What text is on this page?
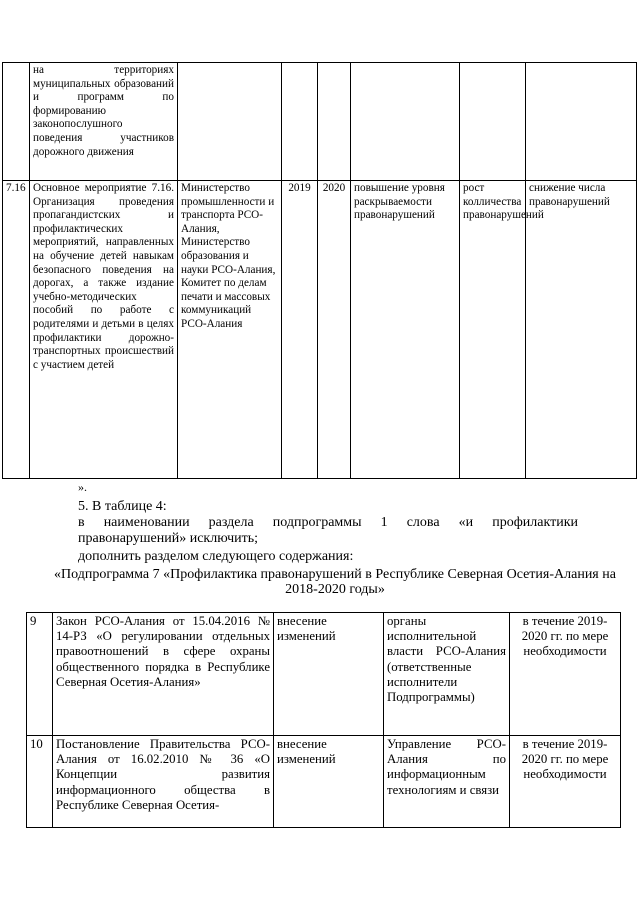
	на территориях муниципальных образований и программ по формированию законопослушного поведения участников дорожного движения						
7.16	Основное мероприятие 7.16. Организация проведения пропагандистских и профилактических мероприятий, направленных на обучение детей навыкам безопасного поведения на дорогах, а также издание учебно-методических пособий по работе с родителями и детьми в целях профилактики дорожно-транспортных происшествий с участием детей	Министерство промышленности и транспорта РСО-Алания, Министерство образования и науки РСО-Алания, Комитет по делам печати и массовых коммуникаций РСО-Алания	2019	2020	повышение уровня раскрываемости правонарушений	рост колличества правонарушений	снижение числа правонарушений
».
5. В таблице 4:
в наименовании раздела подпрограммы 1 слова «и профилактики
правонарушений» исключить;
дополнить разделом следующего содержания:
«Подпрограмма 7 «Профилактика правонарушений в Республике Северная Осетия-Алания на 2018-2020 годы»
9	Закон РСО-Алания от 15.04.2016 № 14-РЗ «О регулировании отдельных правоотношений в сфере охраны общественного порядка в Республике Северная Осетия-Алания»	внесение изменений	органы исполнительной власти РСО-Алания (ответственные исполнители Подпрограммы)	в течение 2019-2020 гг. по мере необходимости
10	Постановление Правительства РСО-Алания от 16.02.2010 № 36 «О Концепции развития информационного общества в Республике Северная Осетия-	внесение изменений	Управление РСО-Алания по информационным технологиям и связи	в течение 2019-2020 гг. по мере необходимости
